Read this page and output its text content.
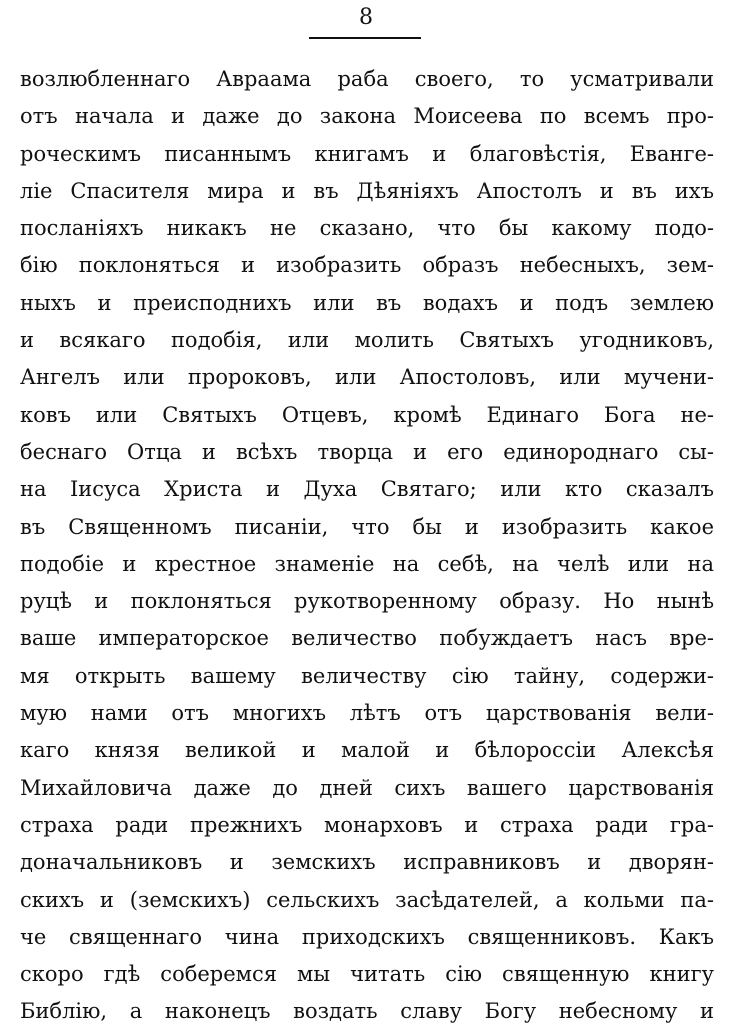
8
возлюбленнаго Авраама раба своего, то усматривали
отъ начала и даже до закона Моисеева по всемъ про-
роческимъ писаннымъ книгамъ и благовѣстія, Еванге-
ліе Спасителя мира и въ Дѣяніяхъ Апостолъ и въ ихъ
посланіяхъ никакъ не сказано, что бы какому подо-
бію поклоняться и изобразить образъ небесныхъ, зем-
ныхъ и преисподнихъ или въ водахъ и подъ землею
и всякаго подобія, или молить Святыхъ угодниковъ,
Ангелъ или пророковъ, или Апостоловъ, или мучени-
ковъ или Святыхъ Отцевъ, кромѣ Единаго Бога не-
беснаго Отца и всѣхъ творца и его единороднаго сы-
на Іисуса Христа и Духа Святаго; или кто сказалъ
въ Священномъ писаніи, что бы и изобразить какое
подобіе и крестное знаменіе на себѣ, на челѣ или на
руцѣ и поклоняться рукотворенному образу. Но нынѣ
ваше императорское величество побуждаетъ насъ вре-
мя открыть вашему величеству сію тайну, содержи-
мую нами отъ многихъ лѣтъ отъ царствованія вели-
каго князя великой и малой и бѣлороссіи Алексѣя
Михайловича даже до дней сихъ вашего царствованія
страха ради прежнихъ монарховъ и страха ради гра-
доначальниковъ и земскихъ исправниковъ и дворян-
скихъ и (земскихъ) сельскихъ засѣдателей, а кольми па-
че священнаго чина приходскихъ священниковъ. Какъ
скоро гдѣ соберемся мы читать сію священную книгу
Библію, а наконецъ воздать славу Богу небесному и
